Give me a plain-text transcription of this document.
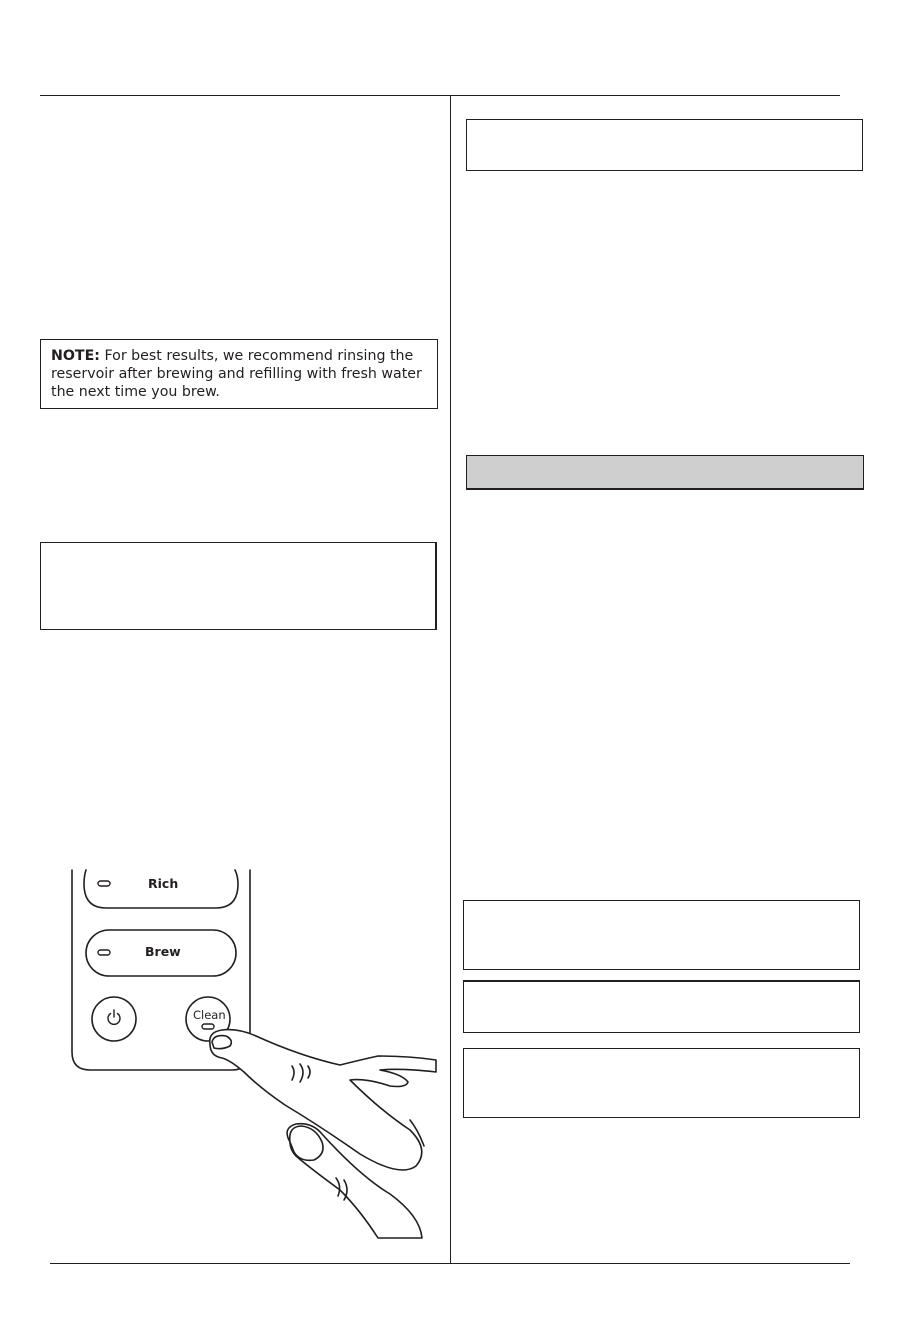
NOTE: For best results, we recommend rinsing the reservoir after brewing and refilling with fresh water the next time you brew.
Rich
Brew
Clean
